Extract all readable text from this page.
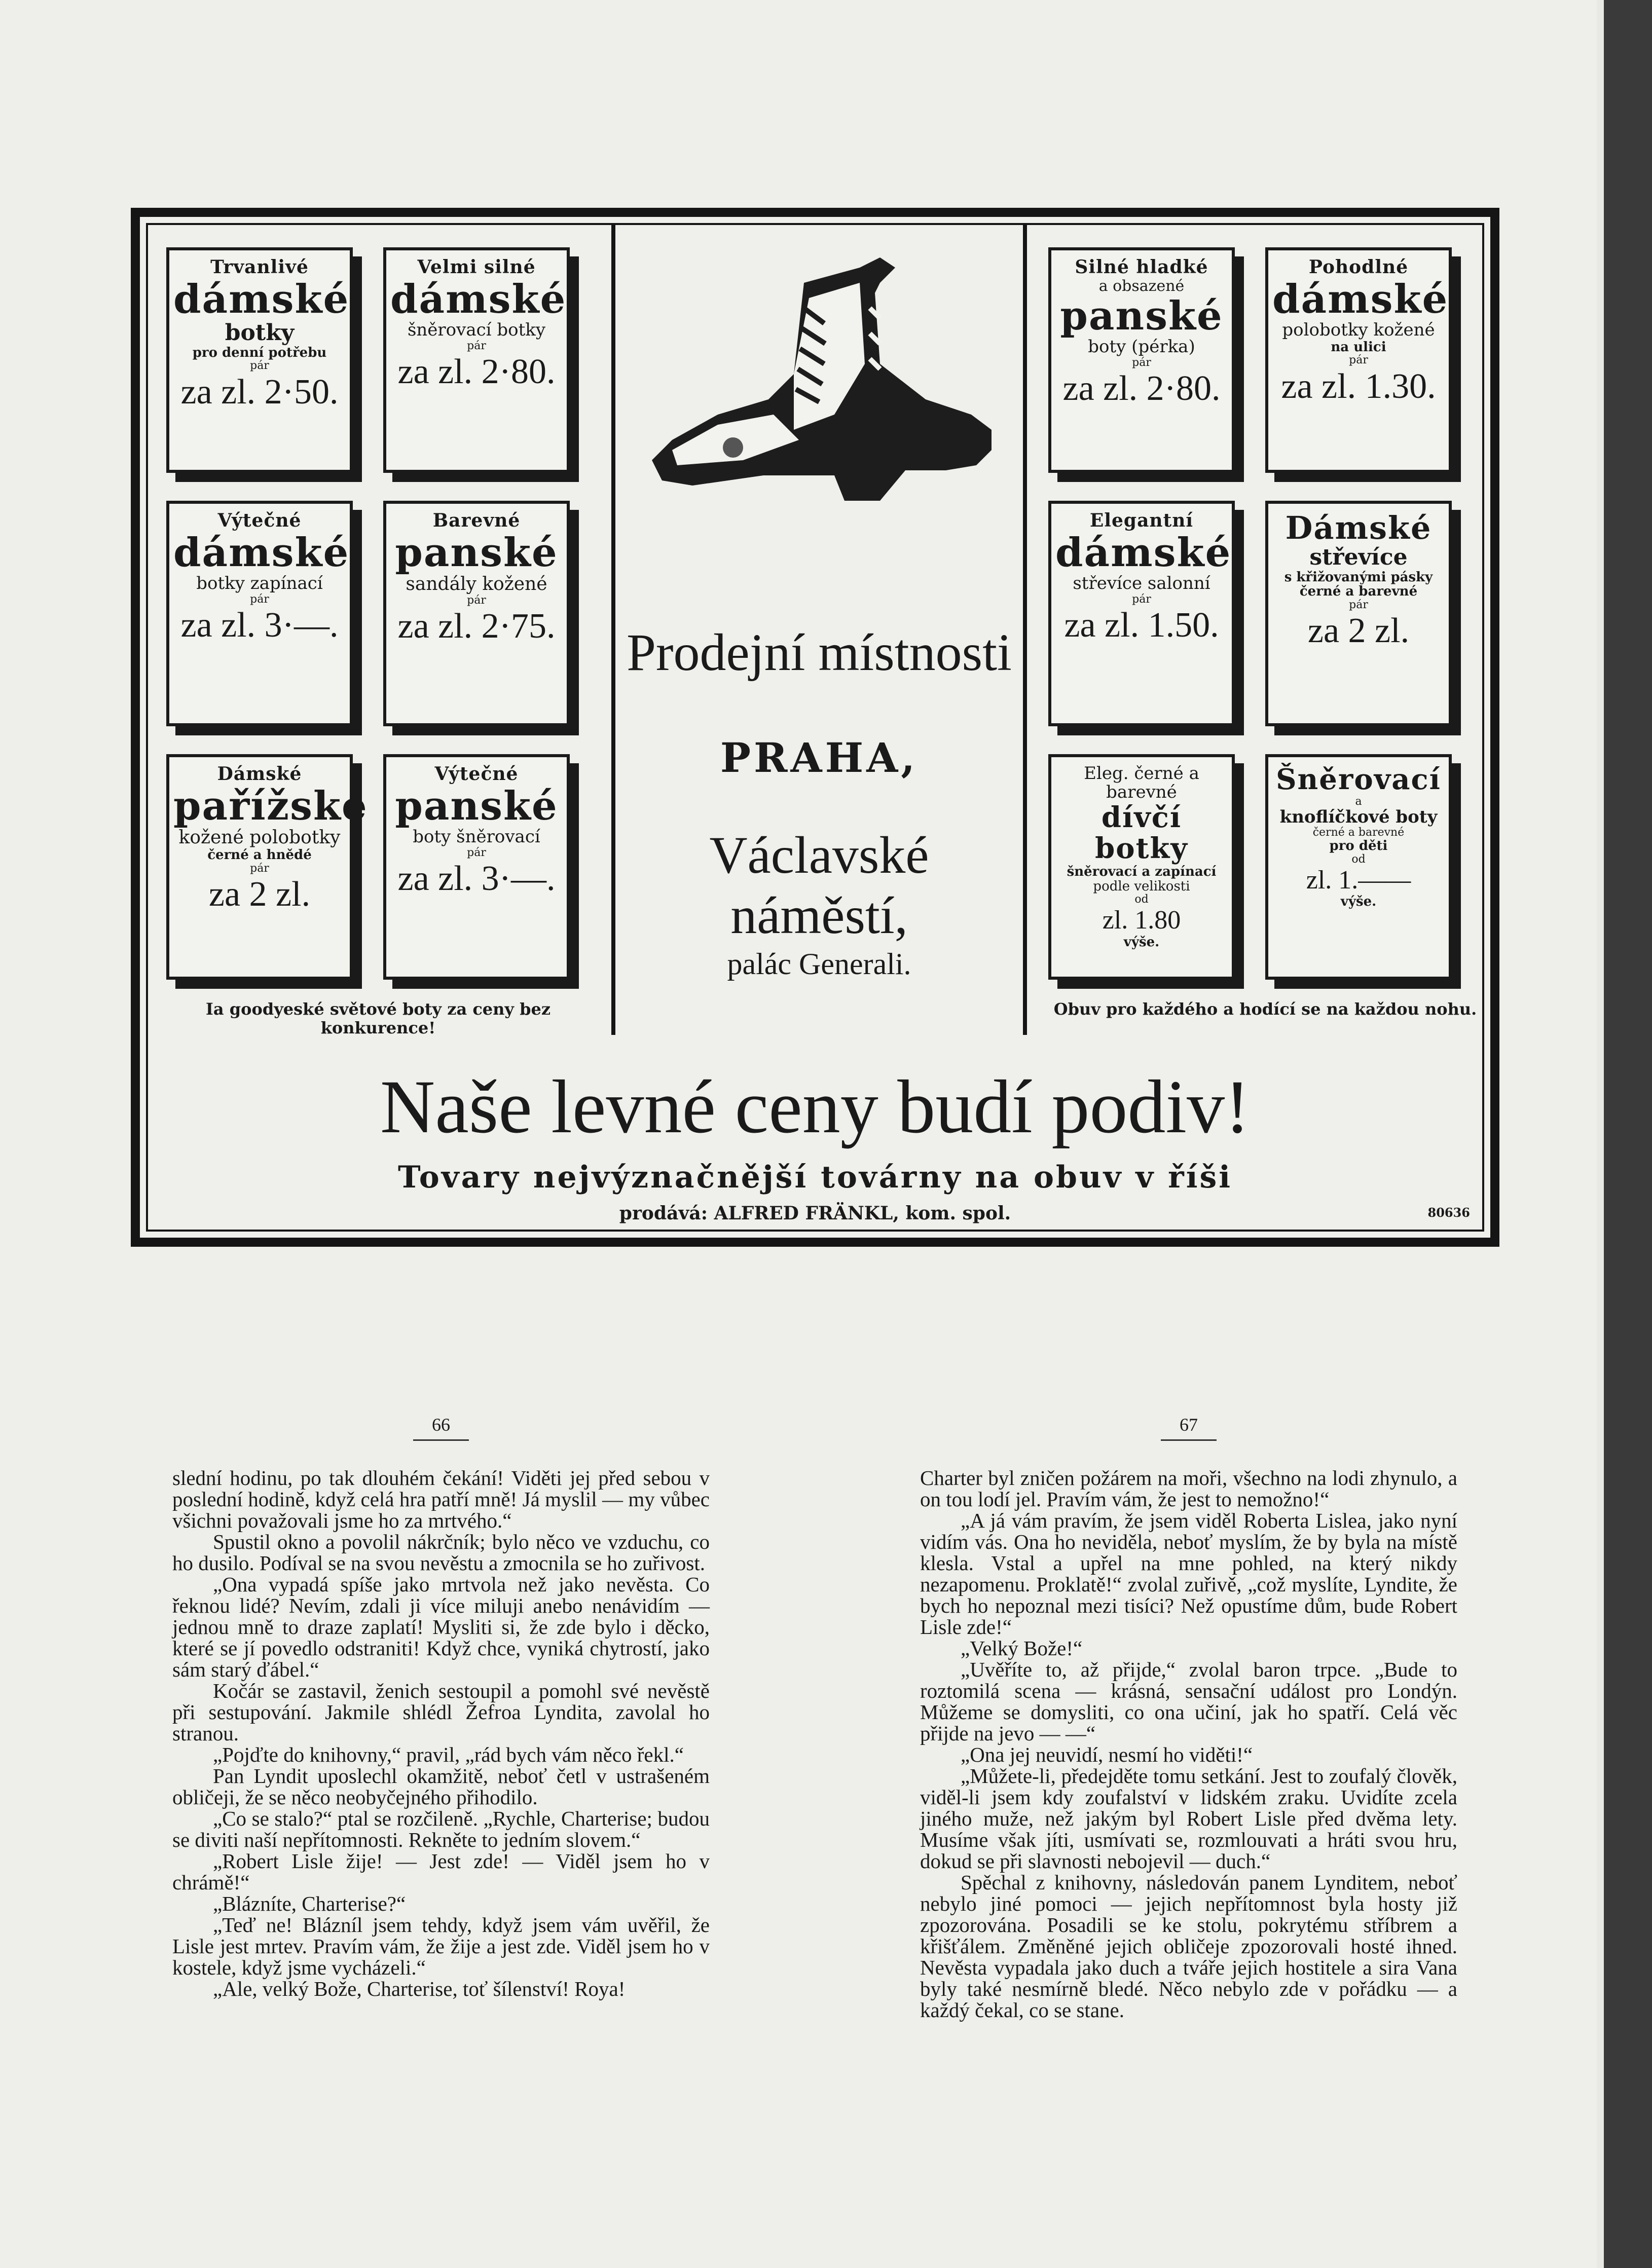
Trvanlivé
dámské
botky
pro denní potřebu
pár
za zl. 2·50.
Velmi silné
dámské
šněrovací botky
pár
za zl. 2·80.
Výtečné
dámské
botky zapínací
pár
za zl. 3·—.
Barevné
panské
sandály kožené
pár
za zl. 2·75.
Dámské
pařížské
kožené polobotky
černé a hnědé
pár
za 2 zl.
Výtečné
panské
boty šněrovací
pár
za zl. 3·—.
Ia goodyeské světové boty za ceny bez konkurence!
Prodejní místnosti
PRAHA,
Václavské náměstí,
palác Generali.
Silné hladké
a obsazené
panské
boty (pérka)
pár
za zl. 2·80.
Pohodlné
dámské
polobotky kožené
na ulici
pár
za zl. 1.30.
Elegantní
dámské
střevíce salonní
pár
za zl. 1.50.
Dámské
střevíce
s křižovanými pásky černé a barevné
pár
za 2 zl.
Eleg. černé a barevné
dívčí botky
šněrovací a zapínací
podle velikosti
od
zl. 1.80
výše.
Šněrovací
a
knoflíčkové boty
černé a barevné
pro děti
od
zl. 1.——
výše.
Obuv pro každého a hodící se na každou nohu.
Naše levné ceny budí podiv!
Tovary nejvýznačnější továrny na obuv v říši
prodává: ALFRED FRÄNKL, kom. spol.	80636
66	67

slední hodinu, po tak dlouhém čekání! Viděti jej před sebou v poslední hodině, když celá hra patří mně! Já myslil — my vůbec všichni považovali jsme ho za mrtvého.“

Spustil okno a povolil nákrčník; bylo něco ve vzduchu, co ho dusilo. Podíval se na svou nevěstu a zmocnila se ho zuřivost.

„Ona vypadá spíše jako mrtvola než jako nevěsta. Co řeknou lidé? Nevím, zdali ji více miluji anebo nenávidím — jednou mně to draze zaplatí! Mysliti si, že zde bylo i děcko, které se jí povedlo odstraniti! Když chce, vyniká chytrostí, jako sám starý ďábel.“

Kočár se zastavil, ženich sestoupil a pomohl své nevěstě při sestupování. Jakmile shlédl Žefroa Lyndita, zavolal ho stranou.

„Pojďte do knihovny,“ pravil, „rád bych vám něco řekl.“

Pan Lyndit uposlechl okamžitě, neboť četl v ustrašeném obličeji, že se něco neobyčejného přihodilo.

„Co se stalo?“ ptal se rozčileně. „Rychle, Charterise; budou se diviti naší nepřítomnosti. Rekněte to jedním slovem.“

„Robert Lisle žije! — Jest zde! — Viděl jsem ho v chrámě!“

„Blázníte, Charterise?“

„Teď ne! Blázníl jsem tehdy, když jsem vám uvěřil, že Lisle jest mrtev. Pravím vám, že žije a jest zde. Viděl jsem ho v kostele, když jsme vycházeli.“

„Ale, velký Bože, Charterise, toť šílenství! Roya!

Charter byl zničen požárem na moři, všechno na lodi zhynulo, a on tou lodí jel. Pravím vám, že jest to nemožno!“

„A já vám pravím, že jsem viděl Roberta Lislea, jako nyní vidím vás. Ona ho neviděla, neboť myslím, že by byla na místě klesla. Vstal a upřel na mne pohled, na který nikdy nezapomenu. Proklatě!“ zvolal zuřivě, „což myslíte, Lyndite, že bych ho nepoznal mezi tisíci? Než opustíme dům, bude Robert Lisle zde!“

„Velký Bože!“

„Uvěříte to, až přijde,“ zvolal baron trpce. „Bude to roztomilá scena — krásná, sensační událost pro Londýn. Můžeme se domysliti, co ona učiní, jak ho spatří. Celá věc přijde na jevo — —“

„Ona jej neuvidí, nesmí ho viděti!“

„Můžete-li, předejděte tomu setkání. Jest to zoufalý člověk, viděl-li jsem kdy zoufalství v lidském zraku. Uvidíte zcela jiného muže, než jakým byl Robert Lisle před dvěma lety. Musíme však jíti, usmívati se, rozmlouvati a hráti svou hru, dokud se při slavnosti nebojevil — duch.“

Spěchal z knihovny, následován panem Lynditem, neboť nebylo jiné pomoci — jejich nepřítomnost byla hosty již zpozorována. Posadili se ke stolu, pokrytému stříbrem a křišťálem. Změněné jejich obličeje zpozorovali hosté ihned. Nevěsta vypadala jako duch a tváře jejich hostitele a sira Vana byly také nesmírně bledé. Něco nebylo zde v pořádku — a každý čekal, co se stane.
